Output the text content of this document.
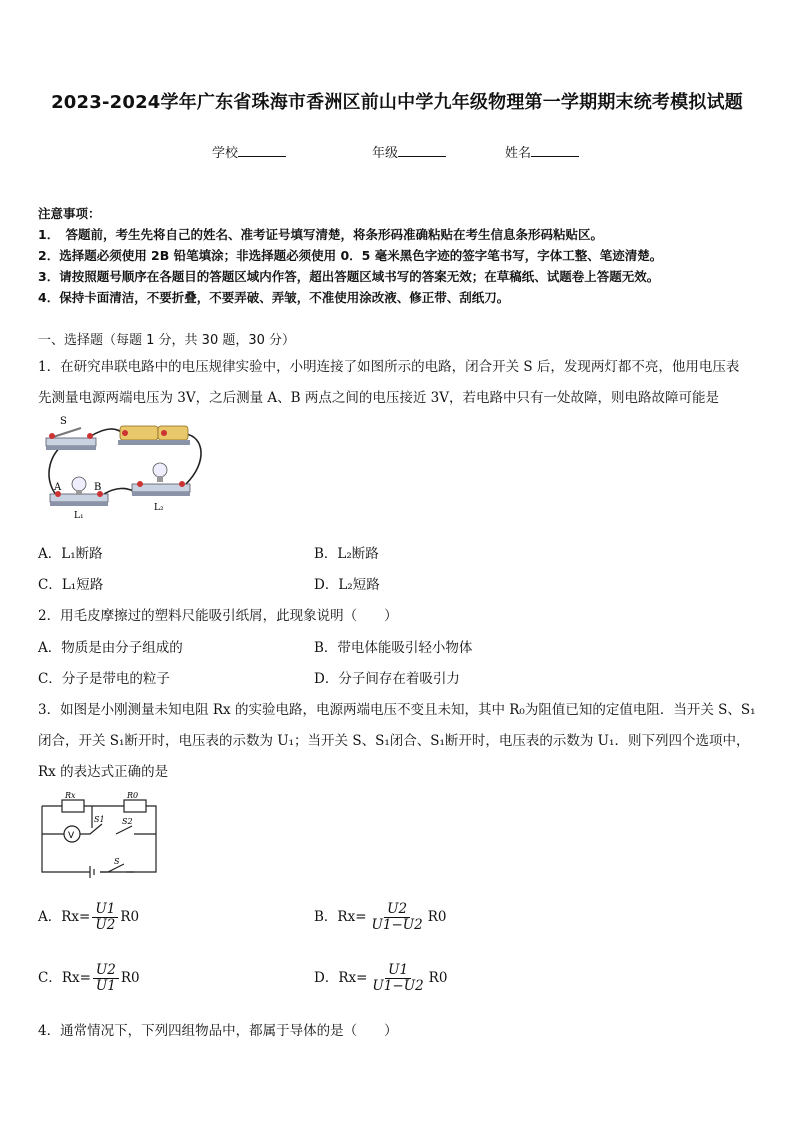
2023-2024学年广东省珠海市香洲区前山中学九年级物理第一学期期末统考模拟试题
学校	年级	姓名
注意事项：
1．　答题前，考生先将自己的姓名、准考证号填写清楚，将条形码准确粘贴在考生信息条形码粘贴区。
2．选择题必须使用 2B 铅笔填涂；非选择题必须使用 0．5 毫米黑色字迹的签字笔书写，字体工整、笔迹清楚。
3．请按照题号顺序在各题目的答题区域内作答，超出答题区域书写的答案无效；在草稿纸、试题卷上答题无效。
4．保持卡面清洁，不要折叠，不要弄破、弄皱，不准使用涂改液、修正带、刮纸刀。
一、选择题（每题 1 分，共 30 题，30 分）
1．在研究串联电路中的电压规律实验中，小明连接了如图所示的电路，闭合开关 S 后，发现两灯都不亮，他用电压表
先测量电源两端电压为 3V，之后测量 A、B 两点之间的电压接近 3V，若电路中只有一处故障，则电路故障可能是
S
A	B
L₁
L₂
A．L₁断路	B．L₂断路
C．L₁短路	D．L₂短路
2．用毛皮摩擦过的塑料尺能吸引纸屑，此现象说明（　　）
A．物质是由分子组成的	B．带电体能吸引轻小物体
C．分子是带电的粒子	D．分子间存在着吸引力
3．如图是小刚测量未知电阻 Rx 的实验电路，电源两端电压不变且未知，其中 R₀为阻值已知的定值电阻．当开关 S、S₁
闭合，开关 S₁断开时，电压表的示数为 U₁；当开关 S、S₁闭合、S₁断开时，电压表的示数为 U₁．则下列四个选项中，
Rx 的表达式正确的是
Rx	R0
V
S1 S2
S
A．$Rx= \frac{U1}{U2} R0$	B．$Rx= \frac{U2}{U1-U2} R0$
C．$Rx= \frac{U2}{U1} R0$	D．$Rx= \frac{U1}{U1-U2} R0$
4．通常情况下，下列四组物品中，都属于导体的是（　　）
